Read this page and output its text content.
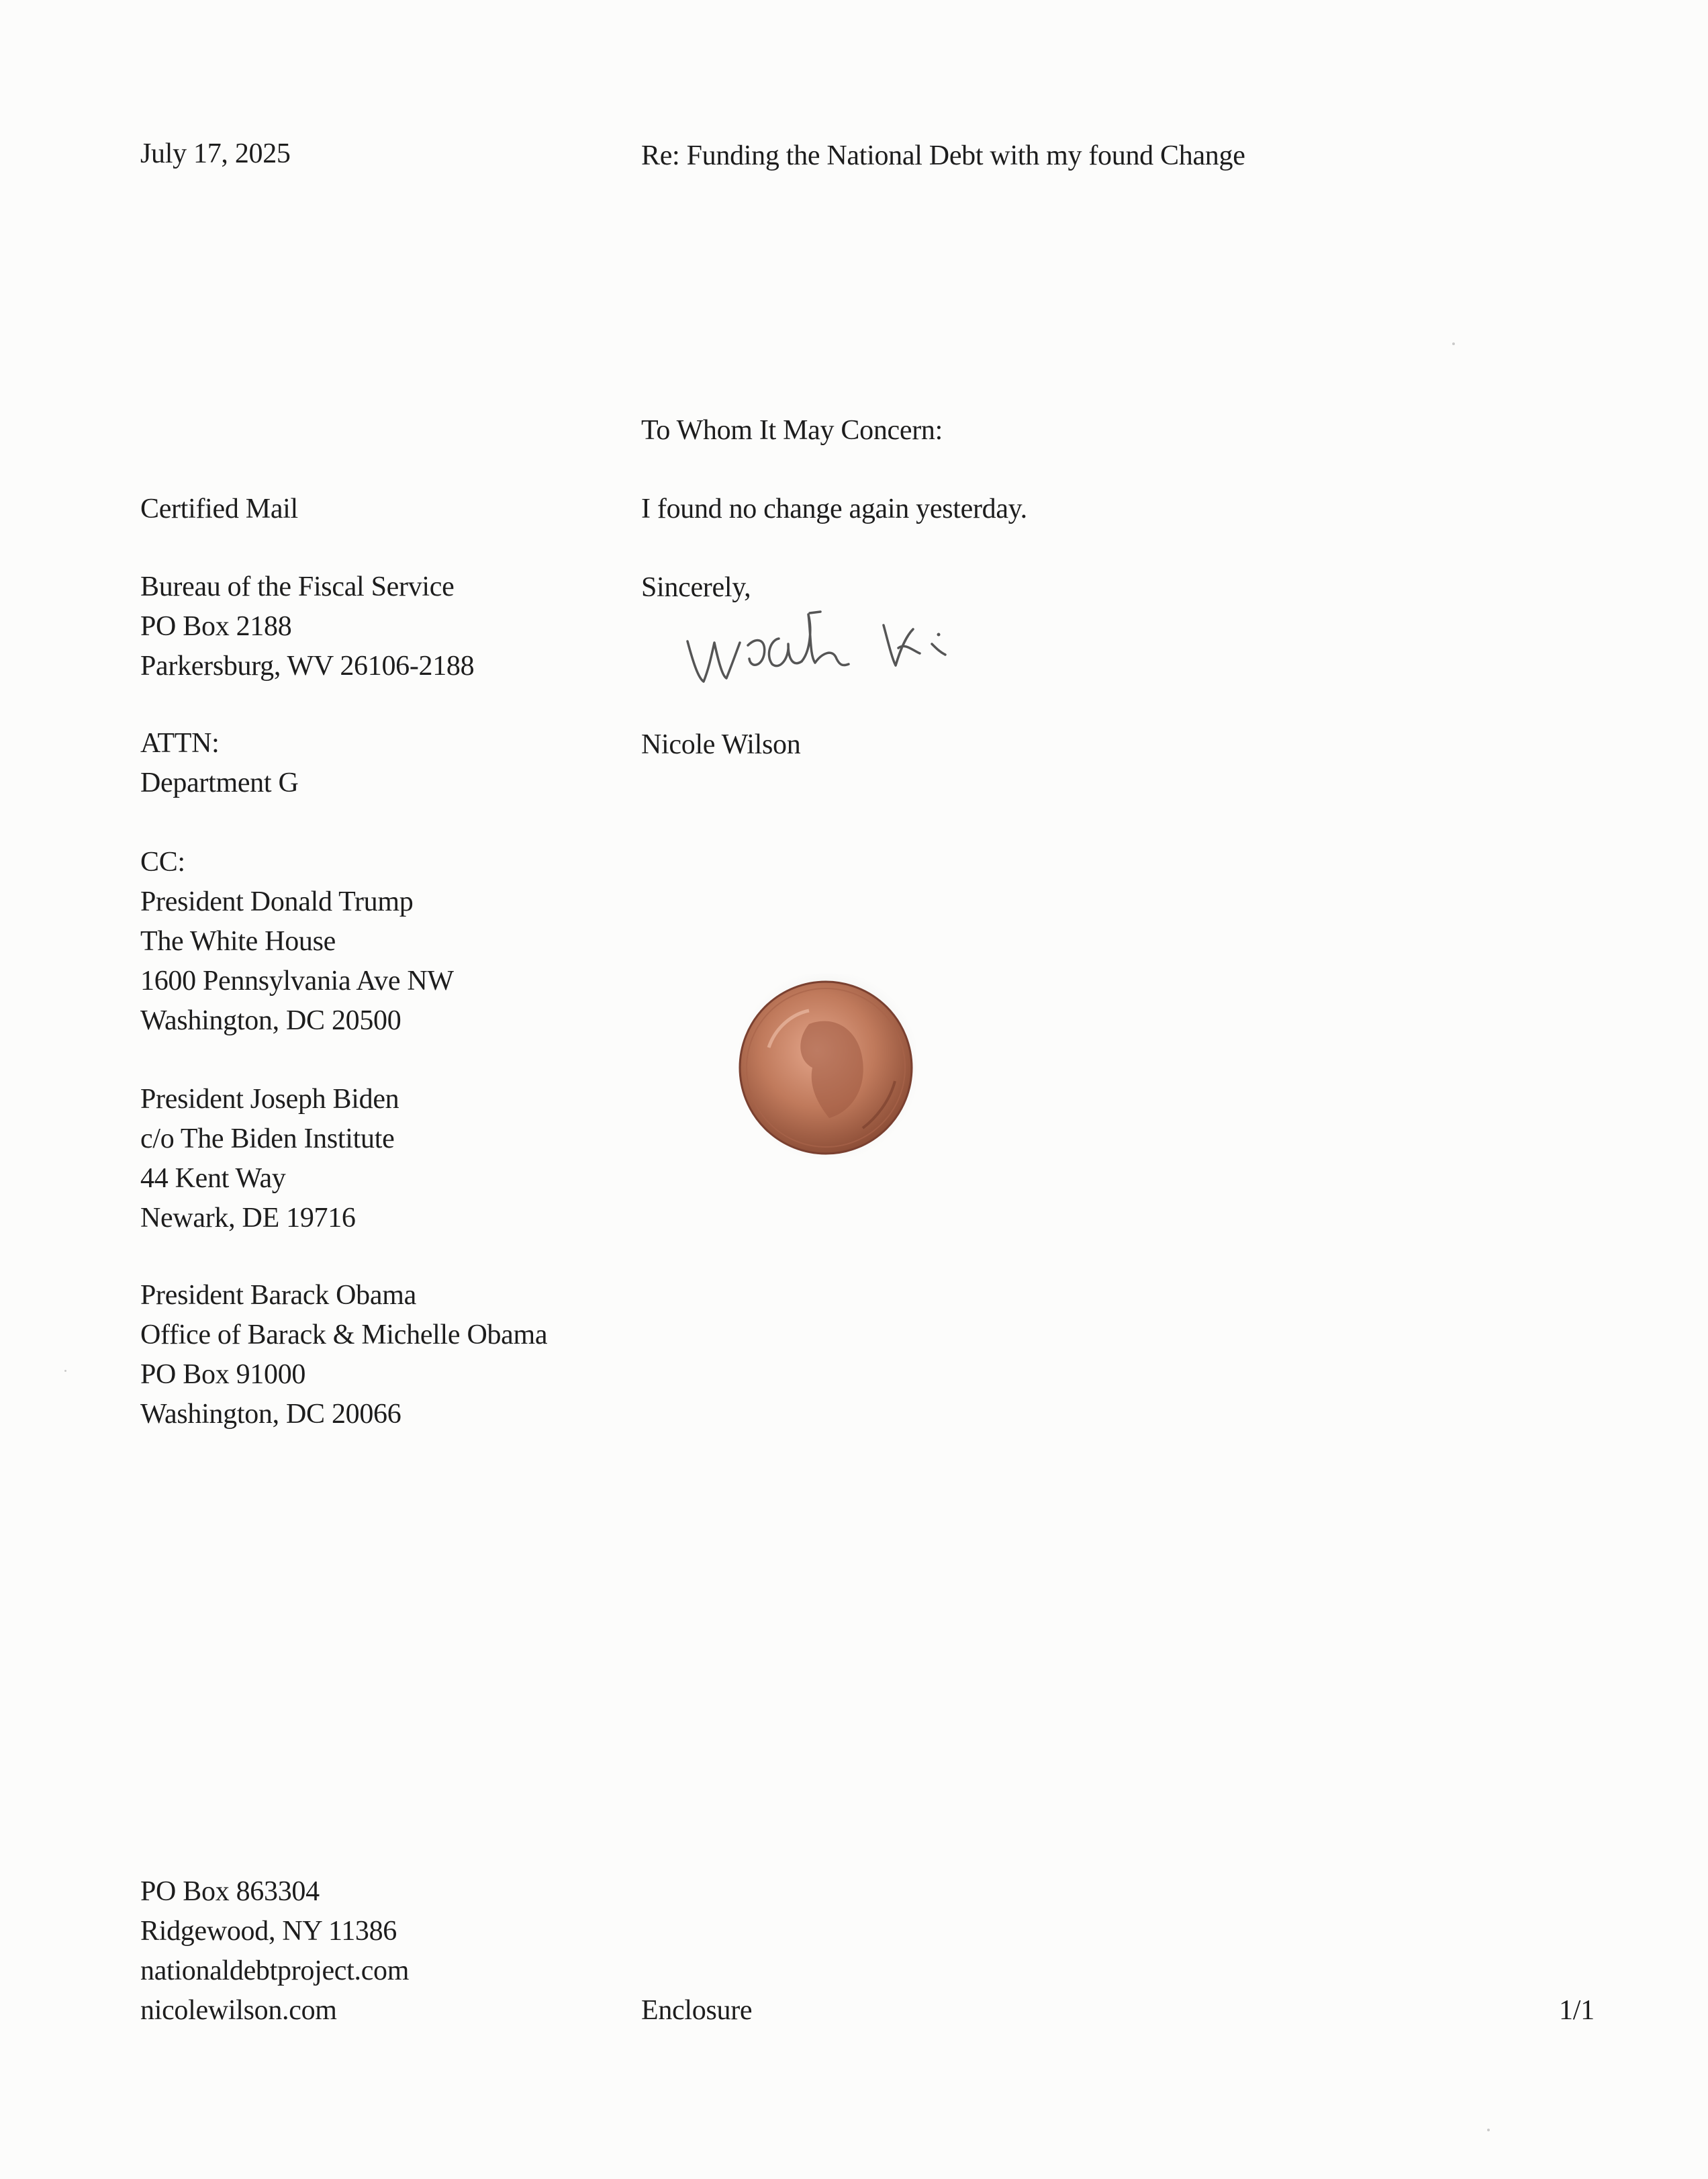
July 17, 2025	Re: Funding the National Debt with my found Change
To Whom It May Concern:
I found no change again yesterday.
Sincerely,
Nicole Wilson
Certified Mail
Bureau of the Fiscal Service
PO Box 2188
Parkersburg, WV 26106-2188
ATTN:
Department G
CC:
President Donald Trump
The White House
1600 Pennsylvania Ave NW
Washington, DC 20500
President Joseph Biden
c/o The Biden Institute
44 Kent Way
Newark, DE 19716
President Barack Obama
Office of Barack & Michelle Obama
PO Box 91000
Washington, DC 20066
PO Box 863304
Ridgewood, NY 11386
nationaldebtproject.com
nicolewilson.com	Enclosure	1/1
